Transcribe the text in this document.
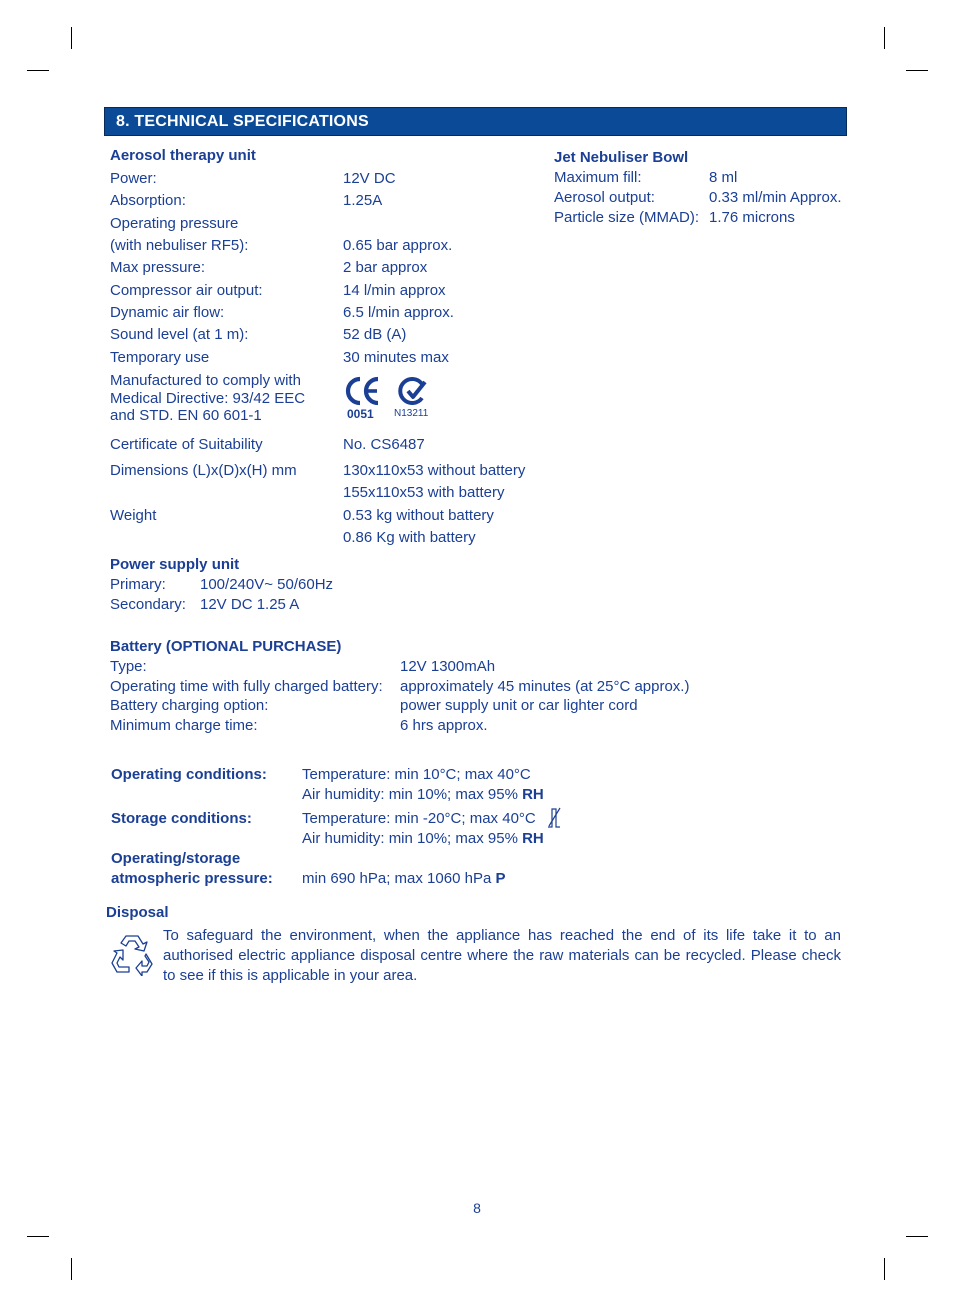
8. TECHNICAL SPECIFICATIONS
Aerosol therapy unit
Power:	12V DC
Absorption:	1.25A
Operating pressure
(with nebuliser RF5):	0.65 bar approx.
Max pressure:	2 bar approx
Compressor air output:	14 l/min approx
Dynamic air flow:	6.5 l/min approx.
Sound level (at 1 m):	52 dB (A)
Temporary use	30 minutes max
Manufactured to comply with
Medical Directive: 93/42 EEC
and STD. EN 60 601-1	0051 N13211
Certificate of Suitability	No. CS6487
Dimensions (L)x(D)x(H) mm	130x110x53 without battery
155x110x53 with battery
Weight	0.53 kg without battery
0.86 Kg with battery
Jet Nebuliser Bowl
Maximum fill:	8 ml
Aerosol output:	0.33 ml/min Approx.
Particle size (MMAD): 1.76 microns
Power supply unit
Primary: 100/240V~ 50/60Hz
Secondary: 12V DC 1.25 A
Battery (OPTIONAL PURCHASE)
Type:	12V 1300mAh
Operating time with fully charged battery: approximately 45 minutes (at 25°C approx.)
Battery charging option:	power supply unit or car lighter cord
Minimum charge time:	6 hrs approx.
Operating conditions: Temperature: min 10°C; max 40°C
Air humidity: min 10%; max 95% RH
Storage conditions:	Temperature: min -20°C; max 40°C
Air humidity: min 10%; max 95% RH
Operating/storage
atmospheric pressure: min 690 hPa; max 1060 hPa P
Disposal
To safeguard the environment, when the appliance has reached the end of its life take it to an authorised electric appliance disposal centre where the raw materials can be recycled. Please check to see if this is applicable in your area.
8
